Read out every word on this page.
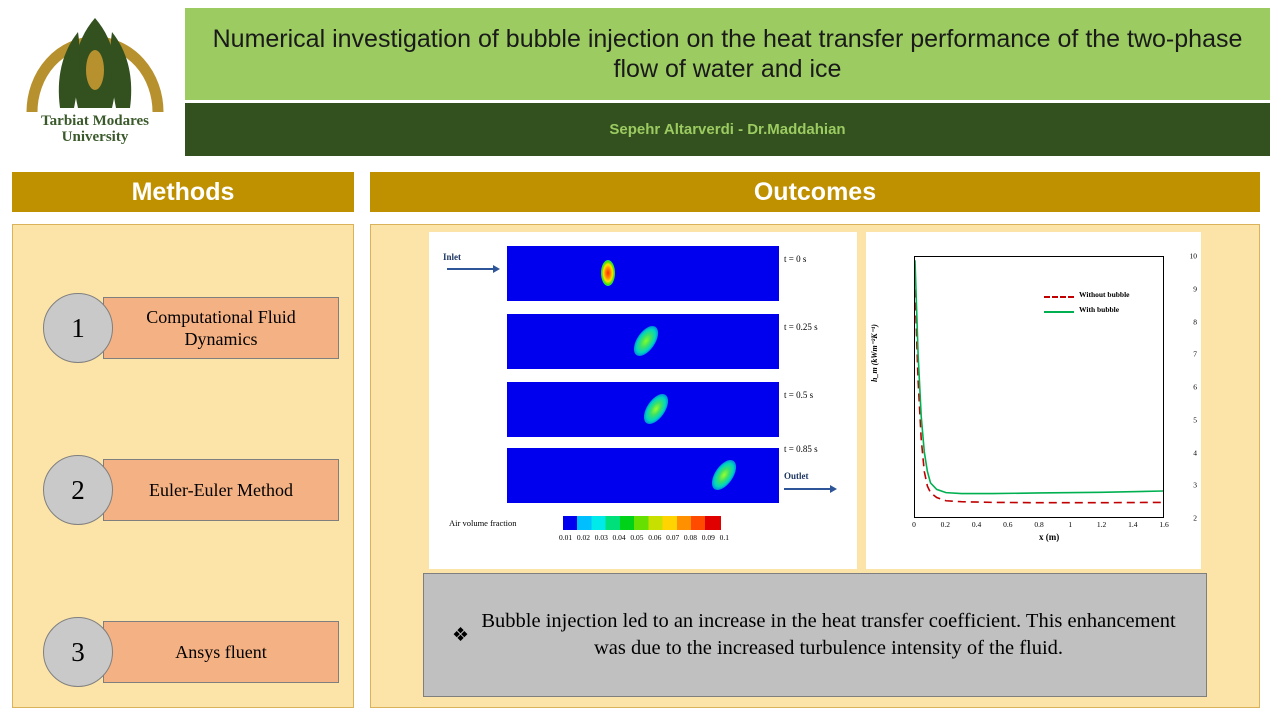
Tarbiat Modares
University
Numerical investigation of bubble injection on the heat transfer performance of the two-phase flow of water and ice
Sepehr Altarverdi - Dr.Maddahian
Methods	Outcomes
Computational Fluid Dynamics
1
Euler-Euler Method
2
Ansys fluent
3
Inlet	t = 0 s
t = 0.25 s
t = 0.5 s
t = 0.85 s
Outlet
Air volume fraction
0.01 0.02 0.03 0.04 0.05 0.06 0.07 0.08 0.09 0.1
h_m (kWm⁻²K⁻¹)
x (m)
2
3
4
5
6
7
8
9
10
0	0.2	0.4	0.6	0.8	1	1.2	1.4	1.6
Without bubble
With bubble
❖
Bubble injection led to an increase in the heat transfer coefficient. This enhancement was due to the increased turbulence intensity of the fluid.
